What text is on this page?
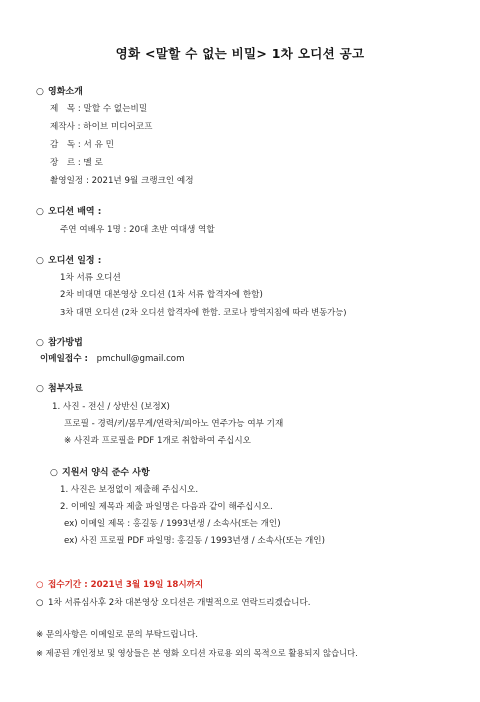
영화 <말할 수 없는 비밀> 1차 오디션 공고
○ 영화소개
제　목 : 말할 수 없는비밀
제작사 : 하이브 미디어코프
감　독 : 서 유 민
장　르 : 멜 로
촬영일정 : 2021년 9월 크랭크인 예정
○ 오디션 배역 :
주연 여배우 1명 : 20대 초반 여대생 역할
○ 오디션 일정 :
1차 서류 오디션
2차 비대면 대본영상 오디션 (1차 서류 합격자에 한함)
3차 대면 오디션 (2차 오디션 합격자에 한함. 코로나 방역지침에 따라 변동가능)
○ 참가방법
이메일접수 : pmchull@gmail.com
○ 첨부자료
1. 사진 - 전신 / 상반신 (보정X)
프로필 - 경력/키/몸무게/연락처/피아노 연주가능 여부 기재
※ 사진과 프로필을 PDF 1개로 취합하여 주십시오
○ 지원서 양식 준수 사항
1. 사진은 보정없이 제출해 주십시오.
2. 이메일 제목과 제출 파일명은 다음과 같이 해주십시오.
ex) 이메일 제목 : 홍길동 / 1993년생 / 소속사(또는 개인)
ex) 사진 프로필 PDF 파일명: 홍길동 / 1993년생 / 소속사(또는 개인)
○ 접수기간 : 2021년 3월 19일 18시까지
○ 1차 서류심사후 2차 대본영상 오디션은 개별적으로 연락드리겠습니다.
※ 문의사항은 이메일로 문의 부탁드립니다.
※ 제공된 개인정보 및 영상들은 본 영화 오디션 자료용 외의 목적으로 활용되지 않습니다.
